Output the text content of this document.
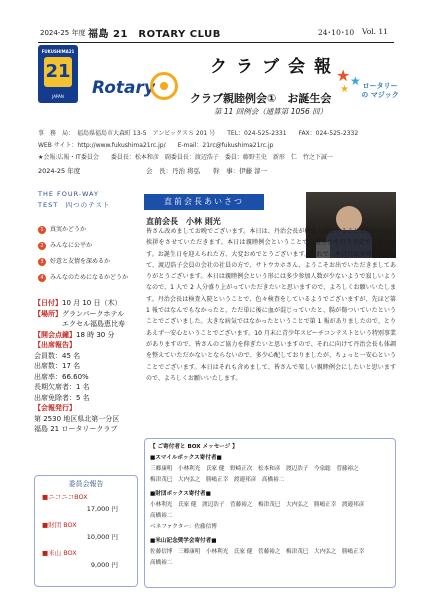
2024-25 年度 福島 21　ROTARY CLUB	24･10･10 Vol. 11
FUKUSHIMA21
21
JAPAN	Rotary
クラブ会報
クラブ親睦例会①　お誕生会
第 11 回例会（通算第 1056 回）
★ ★
★	ロータリーの マジック
事　務　局：　福島県福島市大森町 13-5　アンビックスＳ 201 号　　TEL：024-525-2331　　FAX：024-525-2332
WEB サイト：http://www.fukushima21rc.jp/　　E-mail：21rc@fukushima21rc.jp
★会報:広報・IT委員会　　委員長：松本和彦　副委員長：渡辺浩子　委員：藤野圭史　新形　仁　竹之下誠一
2024-25 年度	会　長：丹治 将弘　　幹　事：伊藤 淳一
THE FOUR-WAY
TEST　四つのテスト
1 真実かどうか
2 みんなに公平か
3 好意と友情を深めるか
4 みんなのためになるかどうか
【日付】10 月 10 日（木）
【場所】グランパークホテル
エクセル福島恵比寿
【開会点鐘】18 時 30 分
【出席報告】
会員数：45 名
出席数：17 名
出席率：66.60%
長期欠席者：1 名
出席免除者：5 名
【会報発行】
第 2530 地区県北第一分区
福島 21 ロータリークラブ
委員会報告
■ニコニコBOX
17,000 円
■財団 BOX
10,000 円
■米山 BOX
9,000 円
直前会長あいさつ
直前会長　小林 則光
皆さん改めましてお晩でございます。本日は、丹治会長が検査入院ということで代わりにご挨拶をさせていただきます。本日は親睦例会ということでお誕生会を行う予定でございます。お誕生日を迎えられた方、大変おめでとうございます。それで、本日のお客様としまして、渡辺浩子会員の会社の社員の方で、サトウカホさん、ようこそお出でいただきましてありがとうございます。本日は親睦例会という形には多少参加人数が少ないようで寂しいようなので、1 人で 2 人分盛り上がっていただきたいと思いますので、よろしくお願いいたします。丹治会長は検査入院ということで、色々検査をしているようでございますが、先ほど第 1 報ではなんでもなかったと、ただ単に後に血が混じっていたと、腸が傷ついていたということでございました。大きな病気ではなかったということで第 1 報がありましたので、とりあえず一安心ということでございます。10 月末に青少年スピーチコンテストという特別事業がありますので、皆さんのご協力を仰ぎたいと思いますので、それに向けて丹治会長も体調を整えていただかないとならないので、多少心配しておりましたが、ちょっと一安心ということでございます。本日はそれも含めまして、皆さんで楽しい親睦例会にしたいと思いますので、よろしくお願いいたします。
【 ご寄付者と BOX メッセージ 】
■スマイルボックス寄付者■
三郷康明　小林利光　氏家 健　野崎正次　松本和彦　渡辺浩子　今泉聡　菅藤裕之
梅津茂巳　大内弘之　勝嶋正幸　渡邉邦彦　高橋裕二
■財団ボックス寄付者■
小林利光　氏家 健　渡辺浩子　菅藤裕之　梅津茂巳　大内弘之　勝嶋正幸　渡邉邦彦
高橋裕二
ベネファクター：佐藤信博
■米山記念奨学会寄付者■
佐藤信博　三郷康明　小林利光　氏家 健　菅藤裕之　梅津茂巳　大内弘之　勝嶋正幸
高橋裕二
